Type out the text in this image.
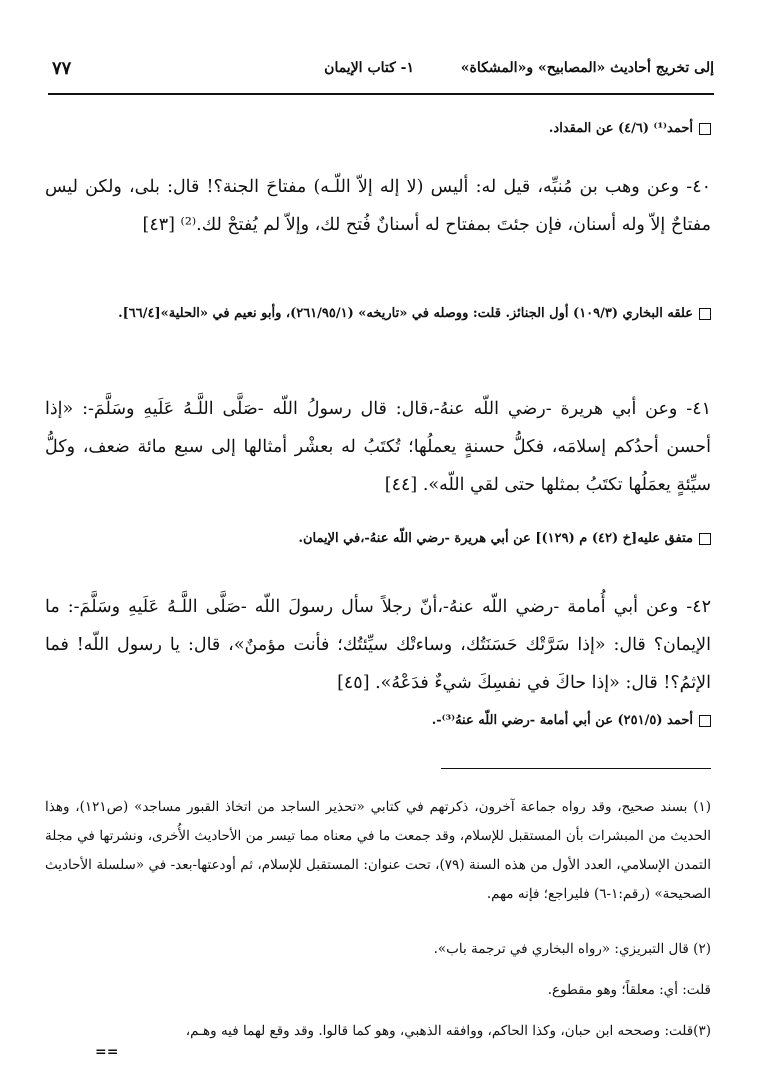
إلى تخريج أحاديث «المصابيح» و«المشكاة»
١- كتاب الإيمان
٧٧
أحمد⁽¹⁾ (٤/٦) عن المقداد.
٤٠- وعن وهب بن مُنبِّه، قيل له: أليس (لا إله إلاّ اللّـه) مفتاحَ الجنة؟! قال: بلى، ولكن ليس مفتاحٌ إلاّ وله أسنان، فإن جئتَ بمفتاح له أسنانٌ فُتح لك، وإلاّ لم يُفتحْ لك.⁽²⁾ [٤٣]
علقه البخاري (١٠٩/٣) أول الجنائز. قلت: ووصله في «تاريخه» (٢٦١/٩٥/١)، وأبو نعيم في «الحلية»[٦٦/٤].
٤١- وعن أبي هريرة -رضي اللّه عنهُ-،قال: قال رسولُ اللّه -صَلَّى اللَّـهُ عَلَيهِ وسَلَّمَ-: «إذا أحسن أحدُكم إسلامَه، فكلُّ حسنةٍ يعملُها؛ تُكتَبُ له بعشْر أمثالها إلى سبع مائة ضعف، وكلُّ سيِّئةٍ يعمَلُها تكتَبُ بمثلها حتى لقي اللّه». [٤٤]
متفق عليه[خ (٤٢) م (١٢٩)] عن أبي هريرة -رضي اللّه عنهُ-،في الإيمان.
٤٢- وعن أبي أُمامة -رضي اللّه عنهُ-،أنّ رجلاً سأل رسولَ اللّه -صَلَّى اللَّـهُ عَلَيهِ وسَلَّمَ-: ما الإيمان؟ قال: «إذا سَرَّتْك حَسَنَتُك، وساءتْك سيِّئتُك؛ فأنت مؤمنٌ»، قال: يا رسول اللّه! فما الإثمُ؟! قال: «إذا حاكَ في نفسِكَ شيءٌ فدَعْهُ». [٤٥]
أحمد (٢٥١/٥) عن أبي أمامة -رضي اللّه عنهُ⁽³⁾-.
(١) بسند صحيح، وقد رواه جماعة آخرون، ذكرتهم في كتابي «تحذير الساجد من اتخاذ القبور مساجد» (ص١٢١)، وهذا الحديث من المبشرات بأن المستقبل للإسلام، وقد جمعت ما في معناه مما تيسر من الأحاديث الأُخرى، ونشرتها في مجلة التمدن الإسلامي، العدد الأول من هذه السنة (٧٩)، تحت عنوان: المستقبل للإسلام، ثم أودعتها-بعد- في «سلسلة الأحاديث الصحيحة» (رقم:١-٦) فليراجع؛ فإنه مهم.
(٢) قال التبريزي: «رواه البخاري في ترجمة باب».
قلت: أي: معلقاً؛ وهو مقطوع.
(٣)قلت: وصححه ابن حبان، وكذا الحاكم، ووافقه الذهبي، وهو كما قالوا. وقد وقع لهما فيه وهـم،
==
